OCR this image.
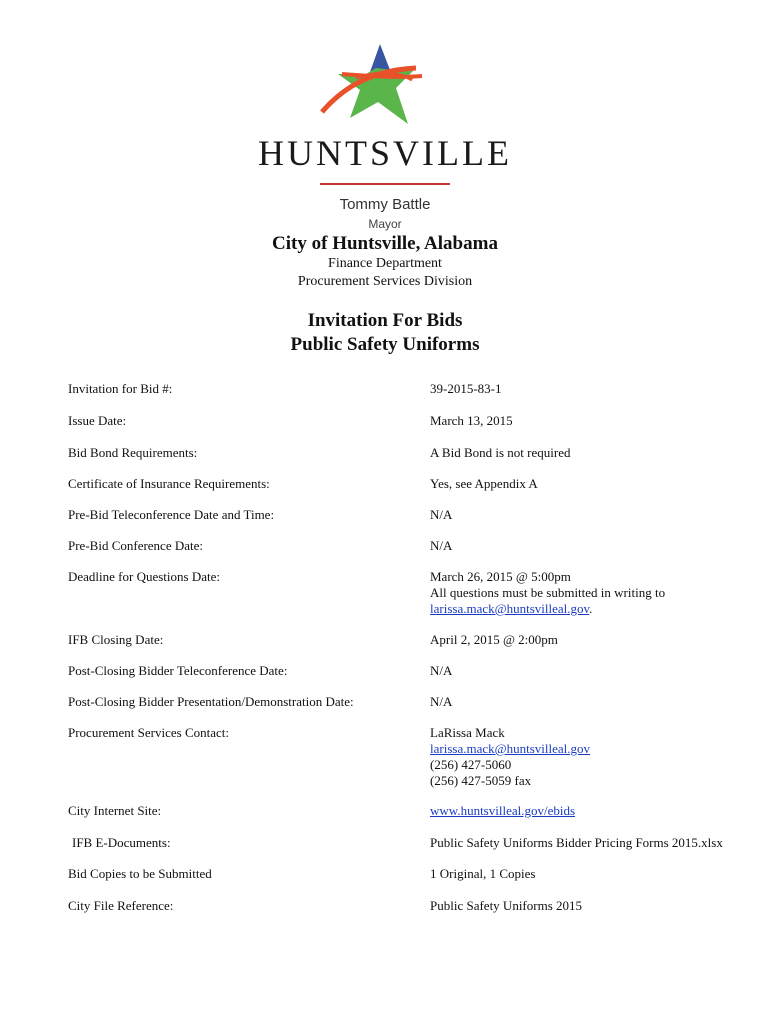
HUNTSVILLE
Tommy Battle
Mayor
City of Huntsville, Alabama
Finance Department
Procurement Services Division
Invitation For Bids
Public Safety Uniforms
Invitation for Bid #:	39-2015-83-1
Issue Date:	March 13, 2015
Bid Bond Requirements:	A Bid Bond is not required
Certificate of Insurance Requirements:	Yes, see Appendix A
Pre-Bid Teleconference Date and Time:	N/A
Pre-Bid Conference Date:	N/A
Deadline for Questions Date:	March 26, 2015 @ 5:00pm
All questions must be submitted in writing to
larissa.mack@huntsvilleal.gov.
IFB Closing Date:	April 2, 2015 @ 2:00pm
Post-Closing Bidder Teleconference Date:	N/A
Post-Closing Bidder Presentation/Demonstration Date:	N/A
Procurement Services Contact:	LaRissa Mack
larissa.mack@huntsvilleal.gov
(256) 427-5060
(256) 427-5059 fax
City Internet Site:	www.huntsvilleal.gov/ebids
IFB E-Documents:	Public Safety Uniforms Bidder Pricing Forms 2015.xlsx
Bid Copies to be Submitted	1 Original, 1 Copies
City File Reference:	Public Safety Uniforms 2015
